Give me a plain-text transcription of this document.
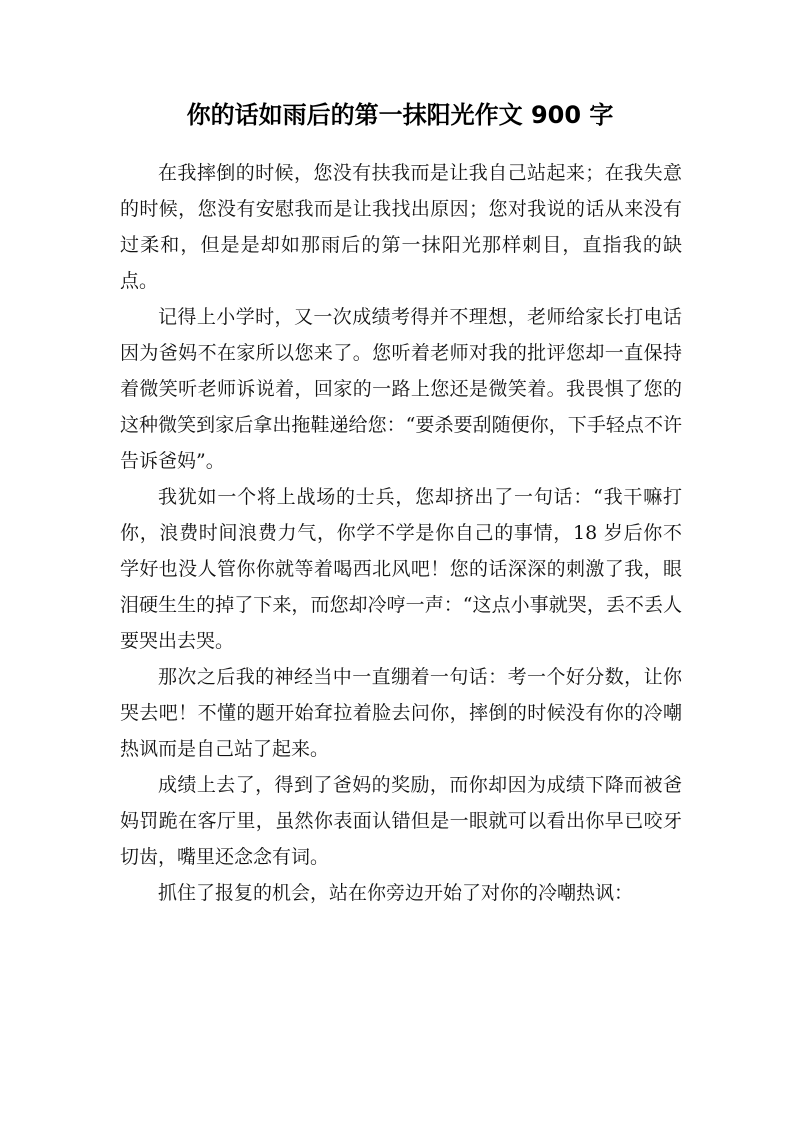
你的话如雨后的第一抹阳光作文 900 字

在我摔倒的时候，您没有扶我而是让我自己站起来；在我失意的时候，您没有安慰我而是让我找出原因；您对我说的话从来没有过柔和，但是是却如那雨后的第一抹阳光那样刺目，直指我的缺点。

记得上小学时，又一次成绩考得并不理想，老师给家长打电话因为爸妈不在家所以您来了。您听着老师对我的批评您却一直保持着微笑听老师诉说着，回家的一路上您还是微笑着。我畏惧了您的这种微笑到家后拿出拖鞋递给您：“要杀要刮随便你，下手轻点不许告诉爸妈”。

我犹如一个将上战场的士兵，您却挤出了一句话：“我干嘛打你，浪费时间浪费力气，你学不学是你自己的事情，18 岁后你不学好也没人管你你就等着喝西北风吧！您的话深深的刺激了我，眼泪硬生生的掉了下来，而您却冷哼一声：“这点小事就哭，丢不丢人要哭出去哭。

那次之后我的神经当中一直绷着一句话：考一个好分数，让你哭去吧！不懂的题开始耷拉着脸去问你，摔倒的时候没有你的冷嘲热讽而是自己站了起来。

成绩上去了，得到了爸妈的奖励，而你却因为成绩下降而被爸妈罚跪在客厅里，虽然你表面认错但是一眼就可以看出你早已咬牙切齿，嘴里还念念有词。

抓住了报复的机会，站在你旁边开始了对你的冷嘲热讽：
